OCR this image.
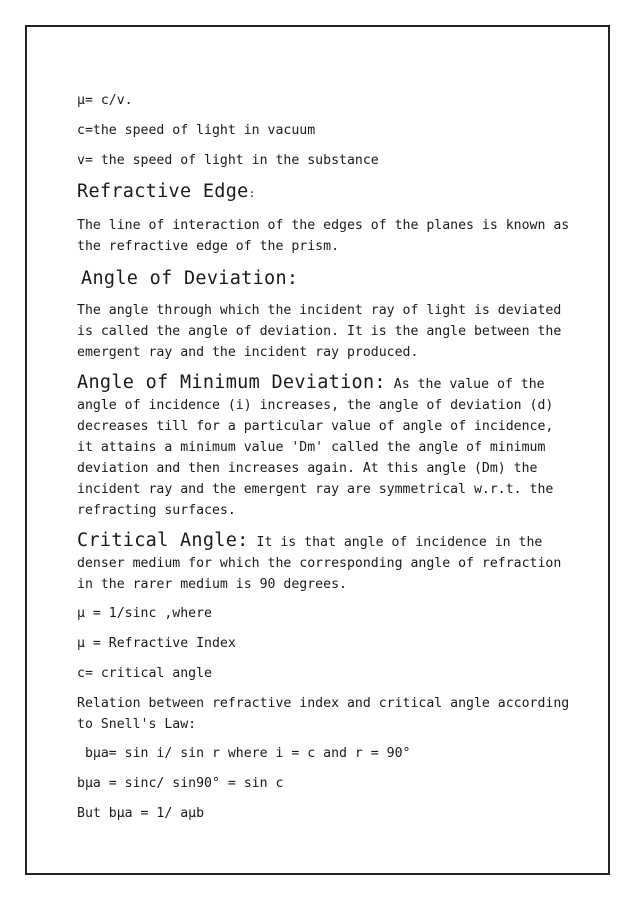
μ= c/v.
c=the speed of light in vacuum
v= the speed of light in the substance
Refractive Edge:
The line of interaction of the edges of the planes is known as the refractive edge of the prism.
Angle of Deviation:
The angle through which the incident ray of light is deviated is called the angle of deviation. It is the angle between the emergent ray and the incident ray produced.
Angle of Minimum Deviation: As the value of the angle of incidence (i) increases, the angle of deviation (d) decreases till for a particular value of angle of incidence, it attains a minimum value 'Dm' called the angle of minimum deviation and then increases again. At this angle (Dm) the incident ray and the emergent ray are symmetrical w.r.t. the refracting surfaces.
Critical Angle: It is that angle of incidence in the denser medium for which the corresponding angle of refraction in the rarer medium is 90 degrees.
μ = 1/sinc ,where
μ = Refractive Index
c= critical angle
Relation between refractive index and critical angle according to Snell's Law:
bμa= sin i/ sin r where i = c and r = 90°
bμa = sinc/ sin90° = sin c
But bμa = 1/ aμb
